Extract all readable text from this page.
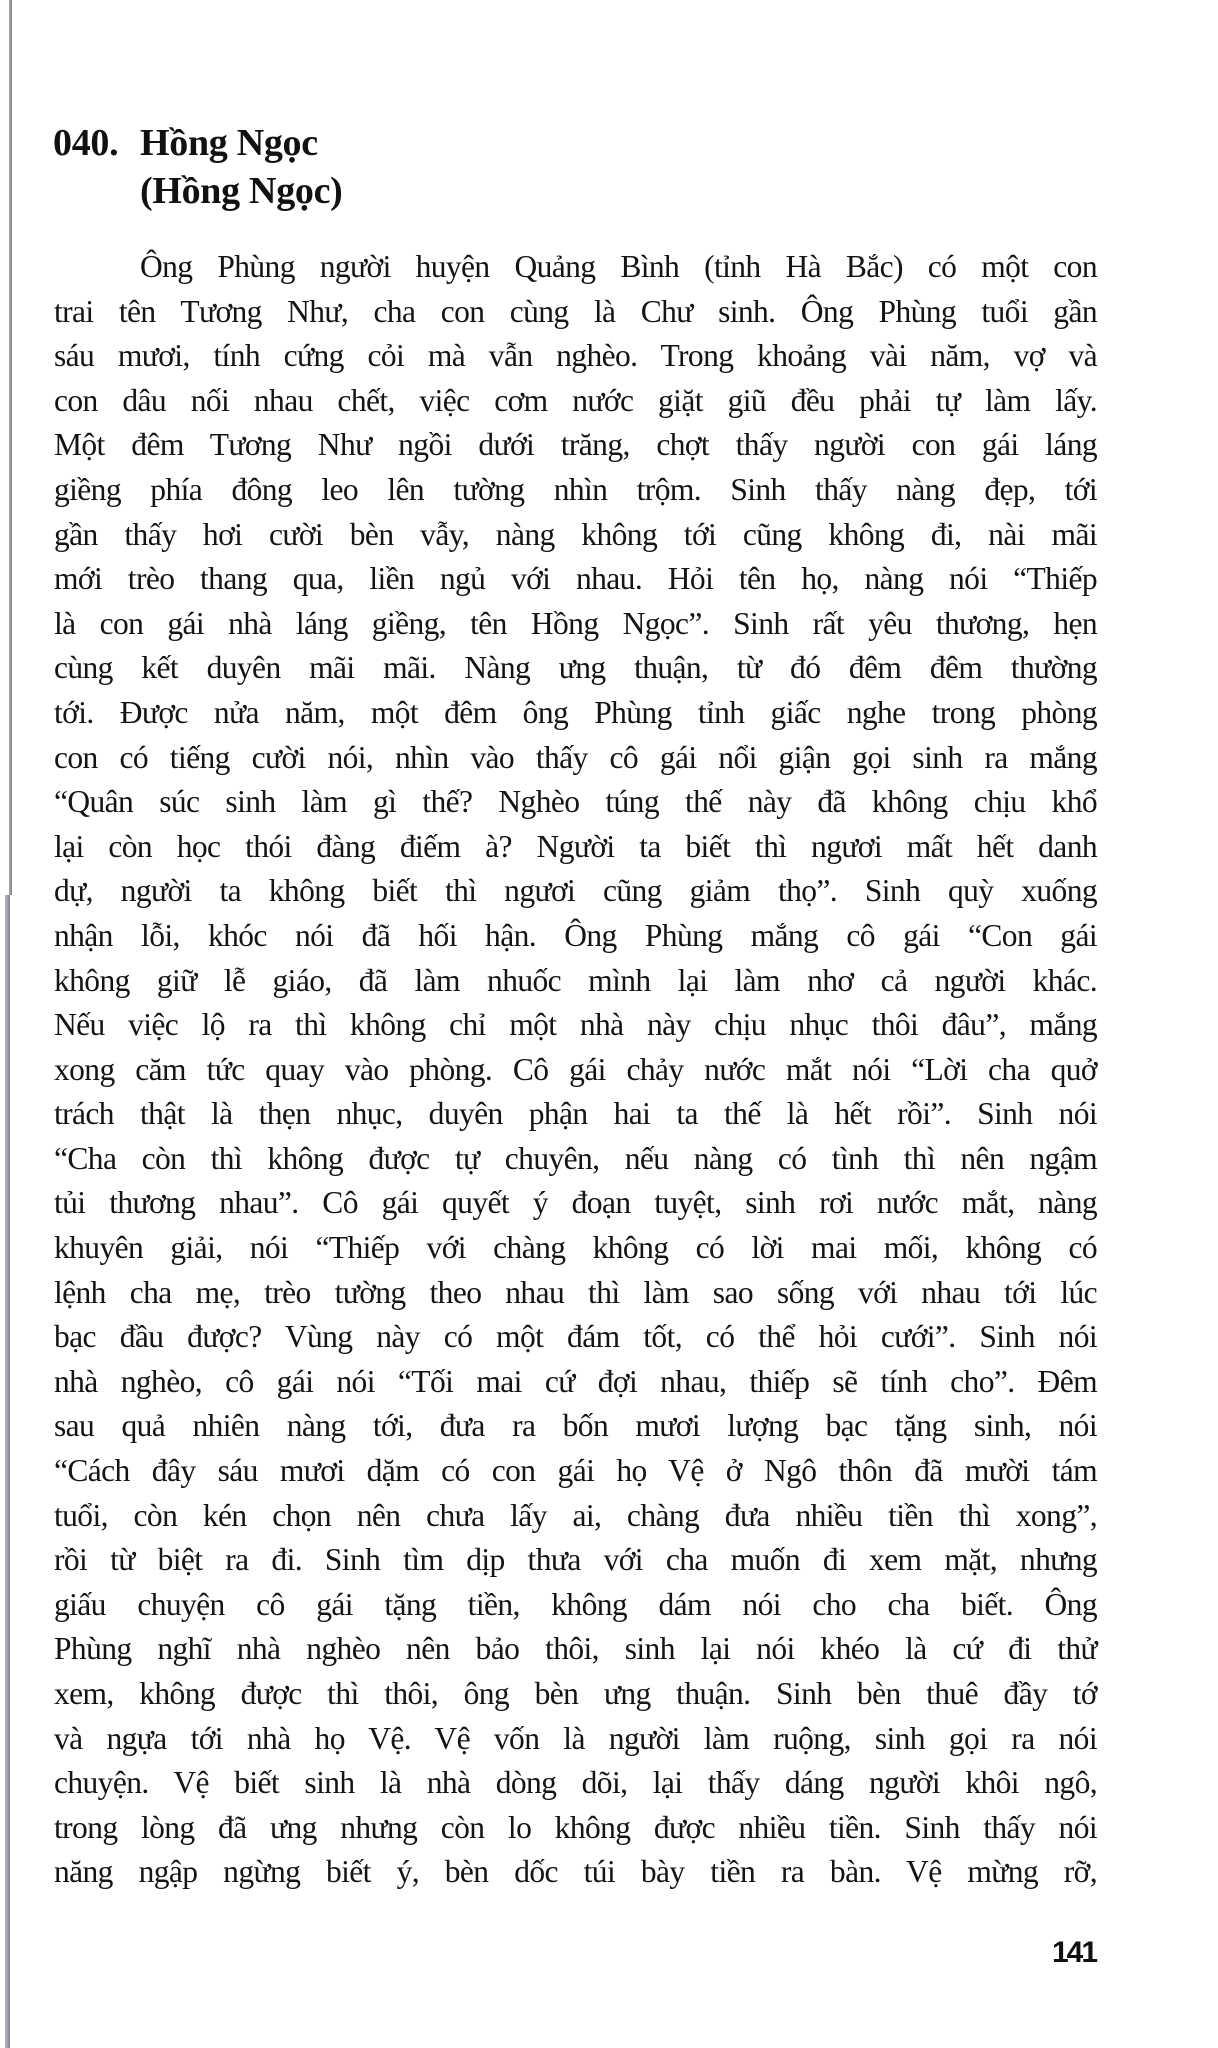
040. Hồng Ngọc
(Hồng Ngọc)
Ông Phùng người huyện Quảng Bình (tỉnh Hà Bắc) có một con
trai tên Tương Như, cha con cùng là Chư sinh. Ông Phùng tuổi gần
sáu mươi, tính cứng cỏi mà vẫn nghèo. Trong khoảng vài năm, vợ và
con dâu nối nhau chết, việc cơm nước giặt giũ đều phải tự làm lấy.
Một đêm Tương Như ngồi dưới trăng, chợt thấy người con gái láng
giềng phía đông leo lên tường nhìn trộm. Sinh thấy nàng đẹp, tới
gần thấy hơi cười bèn vẫy, nàng không tới cũng không đi, nài mãi
mới trèo thang qua, liền ngủ với nhau. Hỏi tên họ, nàng nói “Thiếp
là con gái nhà láng giềng, tên Hồng Ngọc”. Sinh rất yêu thương, hẹn
cùng kết duyên mãi mãi. Nàng ưng thuận, từ đó đêm đêm thường
tới. Được nửa năm, một đêm ông Phùng tỉnh giấc nghe trong phòng
con có tiếng cười nói, nhìn vào thấy cô gái nổi giận gọi sinh ra mắng
“Quân súc sinh làm gì thế? Nghèo túng thế này đã không chịu khổ
lại còn học thói đàng điếm à? Người ta biết thì ngươi mất hết danh
dự, người ta không biết thì ngươi cũng giảm thọ”. Sinh quỳ xuống
nhận lỗi, khóc nói đã hối hận. Ông Phùng mắng cô gái “Con gái
không giữ lễ giáo, đã làm nhuốc mình lại làm nhơ cả người khác.
Nếu việc lộ ra thì không chỉ một nhà này chịu nhục thôi đâu”, mắng
xong căm tức quay vào phòng. Cô gái chảy nước mắt nói “Lời cha quở
trách thật là thẹn nhục, duyên phận hai ta thế là hết rồi”. Sinh nói
“Cha còn thì không được tự chuyên, nếu nàng có tình thì nên ngậm
tủi thương nhau”. Cô gái quyết ý đoạn tuyệt, sinh rơi nước mắt, nàng
khuyên giải, nói “Thiếp với chàng không có lời mai mối, không có
lệnh cha mẹ, trèo tường theo nhau thì làm sao sống với nhau tới lúc
bạc đầu được? Vùng này có một đám tốt, có thể hỏi cưới”. Sinh nói
nhà nghèo, cô gái nói “Tối mai cứ đợi nhau, thiếp sẽ tính cho”. Đêm
sau quả nhiên nàng tới, đưa ra bốn mươi lượng bạc tặng sinh, nói
“Cách đây sáu mươi dặm có con gái họ Vệ ở Ngô thôn đã mười tám
tuổi, còn kén chọn nên chưa lấy ai, chàng đưa nhiều tiền thì xong”,
rồi từ biệt ra đi. Sinh tìm dịp thưa với cha muốn đi xem mặt, nhưng
giấu chuyện cô gái tặng tiền, không dám nói cho cha biết. Ông
Phùng nghĩ nhà nghèo nên bảo thôi, sinh lại nói khéo là cứ đi thử
xem, không được thì thôi, ông bèn ưng thuận. Sinh bèn thuê đầy tớ
và ngựa tới nhà họ Vệ. Vệ vốn là người làm ruộng, sinh gọi ra nói
chuyện. Vệ biết sinh là nhà dòng dõi, lại thấy dáng người khôi ngô,
trong lòng đã ưng nhưng còn lo không được nhiều tiền. Sinh thấy nói
năng ngập ngừng biết ý, bèn dốc túi bày tiền ra bàn. Vệ mừng rỡ,
141
